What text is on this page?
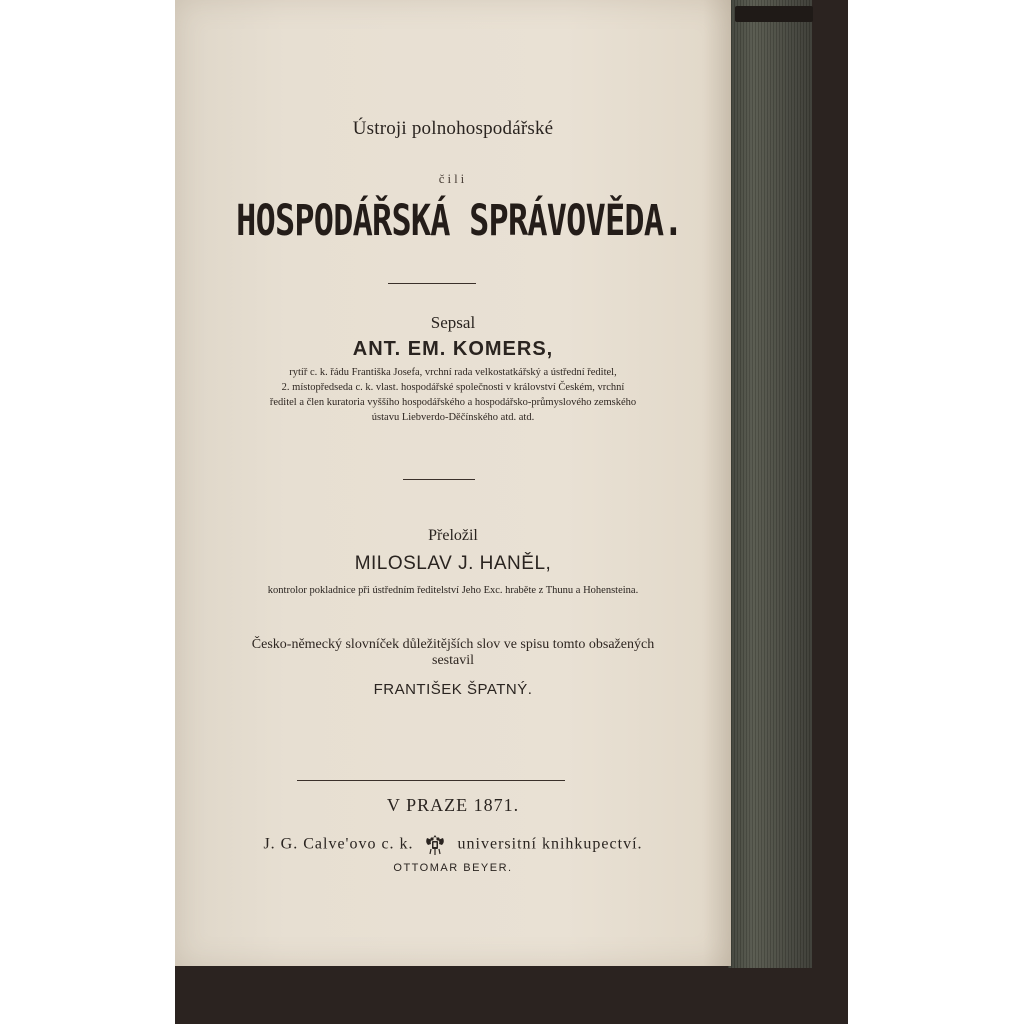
Ústroji polnohospodářské
čili
HOSPODÁŘSKÁ SPRÁVOVĚDA.
Sepsal
ANT. EM. KOMERS,
rytíř c. k. řádu Františka Josefa, vrchní rada velkostatkářský a ústřední ředitel,
2. místopředseda c. k. vlast. hospodářské společnosti v království Českém, vrchní
ředitel a člen kuratoria vyššího hospodářského a hospodářsko-průmyslového zemského
ústavu Liebverdo-Děčínského atd. atd.
Přeložil
MILOSLAV J. HANĚL,
kontrolor pokladnice při ústředním ředitelství Jeho Exc. hraběte z Thunu a Hohensteina.
Česko-německý slovníček důležitějších slov ve spisu tomto obsažených
sestavil
FRANTIŠEK ŠPATNÝ.
V PRAZE 1871.
J. G. Calve'ovo c. k.	universitní knihkupectví.
OTTOMAR BEYER.
